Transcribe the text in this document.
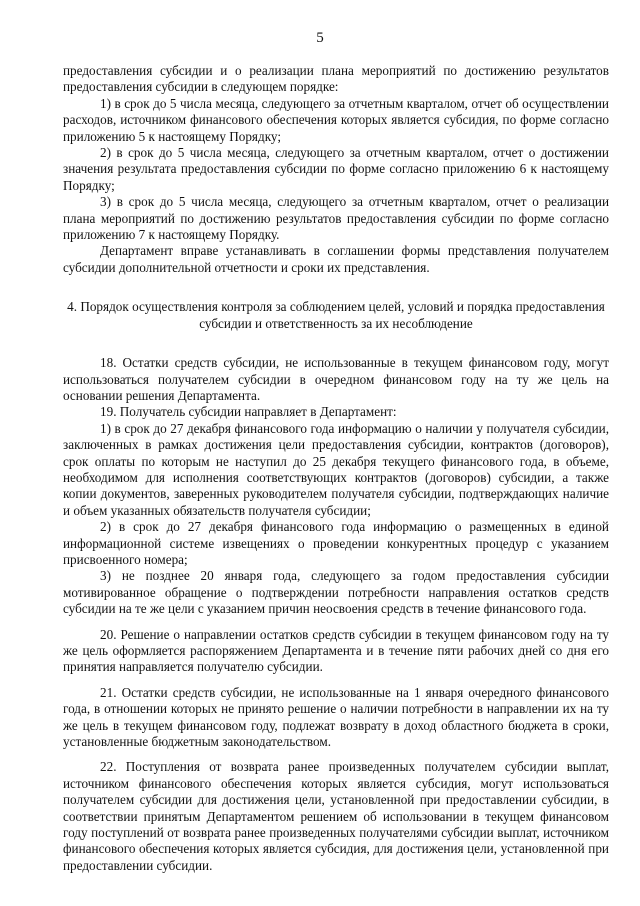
5

предоставления субсидии и о реализации плана мероприятий по достижению результатов предоставления субсидии в следующем порядке:

1) в срок до 5 числа месяца, следующего за отчетным кварталом, отчет об осуществлении расходов, источником финансового обеспечения которых является субсидия, по форме согласно приложению 5 к настоящему Порядку;

2) в срок до 5 числа месяца, следующего за отчетным кварталом, отчет о достижении значения результата предоставления субсидии по форме согласно приложению 6 к настоящему Порядку;

3) в срок до 5 числа месяца, следующего за отчетным кварталом, отчет о реализации плана мероприятий по достижению результатов предоставления субсидии по форме согласно приложению 7 к настоящему Порядку.

Департамент вправе устанавливать в соглашении формы представления получателем субсидии дополнительной отчетности и сроки их представления.

4. Порядок осуществления контроля за соблюдением целей, условий и порядка предоставления субсидии и ответственность за их несоблюдение

18. Остатки средств субсидии, не использованные в текущем финансовом году, могут использоваться получателем субсидии в очередном финансовом году на ту же цель на основании решения Департамента.

19. Получатель субсидии направляет в Департамент:

1) в срок до 27 декабря финансового года информацию о наличии у получателя субсидии, заключенных в рамках достижения цели предоставления субсидии, контрактов (договоров), срок оплаты по которым не наступил до 25 декабря текущего финансового года, в объеме, необходимом для исполнения соответствующих контрактов (договоров) субсидии, а также копии документов, заверенных руководителем получателя субсидии, подтверждающих наличие и объем указанных обязательств получателя субсидии;

2) в срок до 27 декабря финансового года информацию о размещенных в единой информационной системе извещениях о проведении конкурентных процедур с указанием присвоенного номера;

3) не позднее 20 января года, следующего за годом предоставления субсидии мотивированное обращение о подтверждении потребности направления остатков средств субсидии на те же цели с указанием причин неосвоения средств в течение финансового года.

20. Решение о направлении остатков средств субсидии в текущем финансовом году на ту же цель оформляется распоряжением Департамента и в течение пяти рабочих дней со дня его принятия направляется получателю субсидии.

21. Остатки средств субсидии, не использованные на 1 января очередного финансового года, в отношении которых не принято решение о наличии потребности в направлении их на ту же цель в текущем финансовом году, подлежат возврату в доход областного бюджета в сроки, установленные бюджетным законодательством.

22. Поступления от возврата ранее произведенных получателем субсидии выплат, источником финансового обеспечения которых является субсидия, могут использоваться получателем субсидии для достижения цели, установленной при предоставлении субсидии, в соответствии принятым Департаментом решением об использовании в текущем финансовом году поступлений от возврата ранее произведенных получателями субсидии выплат, источником финансового обеспечения которых является субсидия, для достижения цели, установленной при предоставлении субсидии.
